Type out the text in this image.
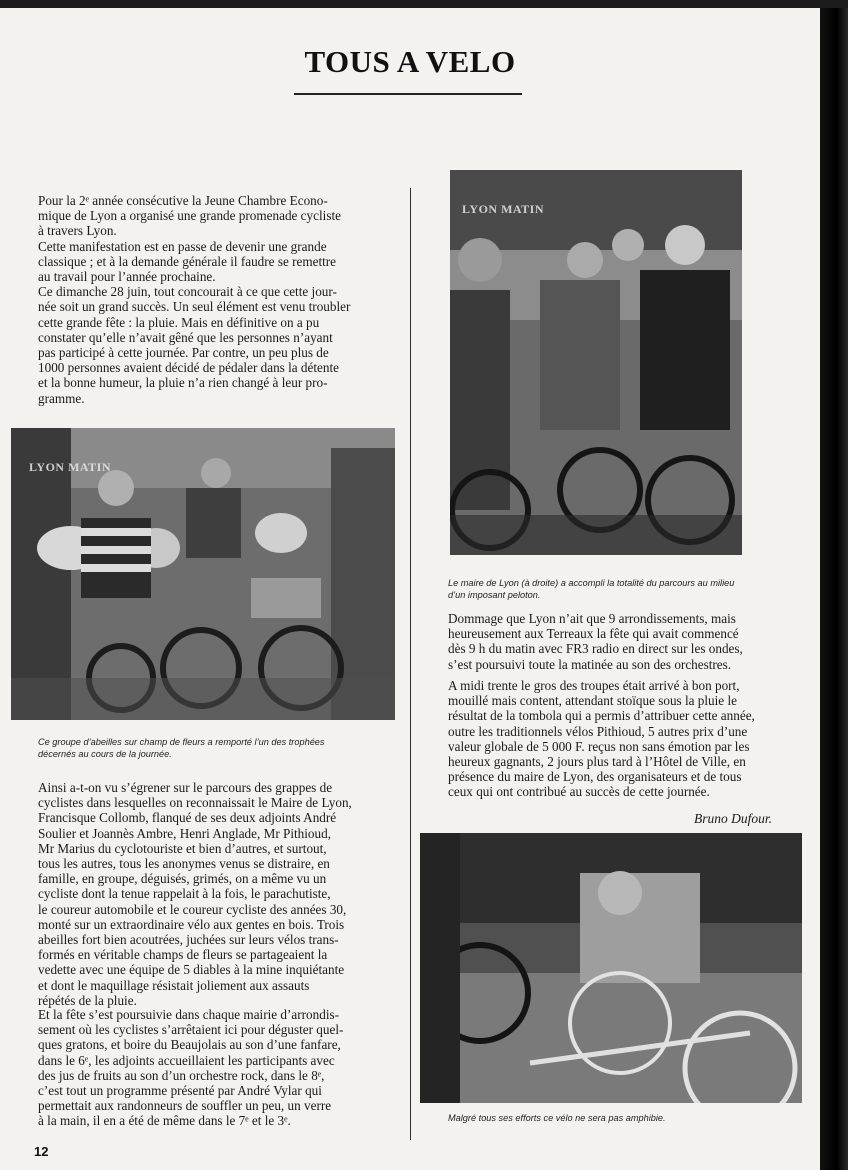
TOUS A VELO

Pour la 2ᵉ année consécutive la Jeune Chambre Econo-
mique de Lyon a organisé une grande promenade cycliste
à travers Lyon.
Cette manifestation est en passe de devenir une grande
classique ; et à la demande générale il faudre se remettre
au travail pour l’année prochaine.
Ce dimanche 28 juin, tout concourait à ce que cette jour-
née soit un grand succès. Un seul élément est venu troubler
cette grande fête : la pluie. Mais en définitive on a pu
constater qu’elle n’avait gêné que les personnes n’ayant
pas participé à cette journée. Par contre, un peu plus de
1000 personnes avaient décidé de pédaler dans la détente
et la bonne humeur, la pluie n’a rien changé à leur pro-
gramme.

LYON MATIN

Ce groupe d’abeilles sur champ de fleurs a remporté l’un des trophées
décernés au cours de la journée.

Ainsi a-t-on vu s’égrener sur le parcours des grappes de
cyclistes dans lesquelles on reconnaissait le Maire de Lyon,
Francisque Collomb, flanqué de ses deux adjoints André
Soulier et Joannès Ambre, Henri Anglade, Mr Pithioud,
Mr Marius du cyclotouriste et bien d’autres, et surtout,
tous les autres, tous les anonymes venus se distraire, en
famille, en groupe, déguisés, grimés, on a même vu un
cycliste dont la tenue rappelait à la fois, le parachutiste,
le coureur automobile et le coureur cycliste des années 30,
monté sur un extraordinaire vélo aux gentes en bois. Trois
abeilles fort bien acoutrées, juchées sur leurs vélos trans-
formés en véritable champs de fleurs se partageaient la
vedette avec une équipe de 5 diables à la mine inquiétante
et dont le maquillage résistait joliement aux assauts
répétés de la pluie.

Et la fête s’est poursuivie dans chaque mairie d’arrondis-
sement où les cyclistes s’arrêtaient ici pour déguster quel-
ques gratons, et boire du Beaujolais au son d’une fanfare,
dans le 6ᵉ, les adjoints accueillaient les participants avec
des jus de fruits au son d’un orchestre rock, dans le 8ᵉ,
c’est tout un programme présenté par André Vylar qui
permettait aux randonneurs de souffler un peu, un verre
à la main, il en a été de même dans le 7ᵉ et le 3ᵉ.

LYON MATIN

Le maire de Lyon (à droite) a accompli la totalité du parcours au milieu
d’un imposant peloton.

Dommage que Lyon n’ait que 9 arrondissements, mais
heureusement aux Terreaux la fête qui avait commencé
dès 9 h du matin avec FR3 radio en direct sur les ondes,
s’est poursuivi toute la matinée au son des orchestres.

A midi trente le gros des troupes était arrivé à bon port,
mouillé mais content, attendant stoïque sous la pluie le
résultat de la tombola qui a permis d’attribuer cette année,
outre les traditionnels vélos Pithioud, 5 autres prix d’une
valeur globale de 5 000 F. reçus non sans émotion par les
heureux gagnants, 2 jours plus tard à l’Hôtel de Ville, en
présence du maire de Lyon, des organisateurs et de tous
ceux qui ont contribué au succès de cette journée.

Bruno Dufour.

Malgré tous ses efforts ce vélo ne sera pas amphibie.

12
